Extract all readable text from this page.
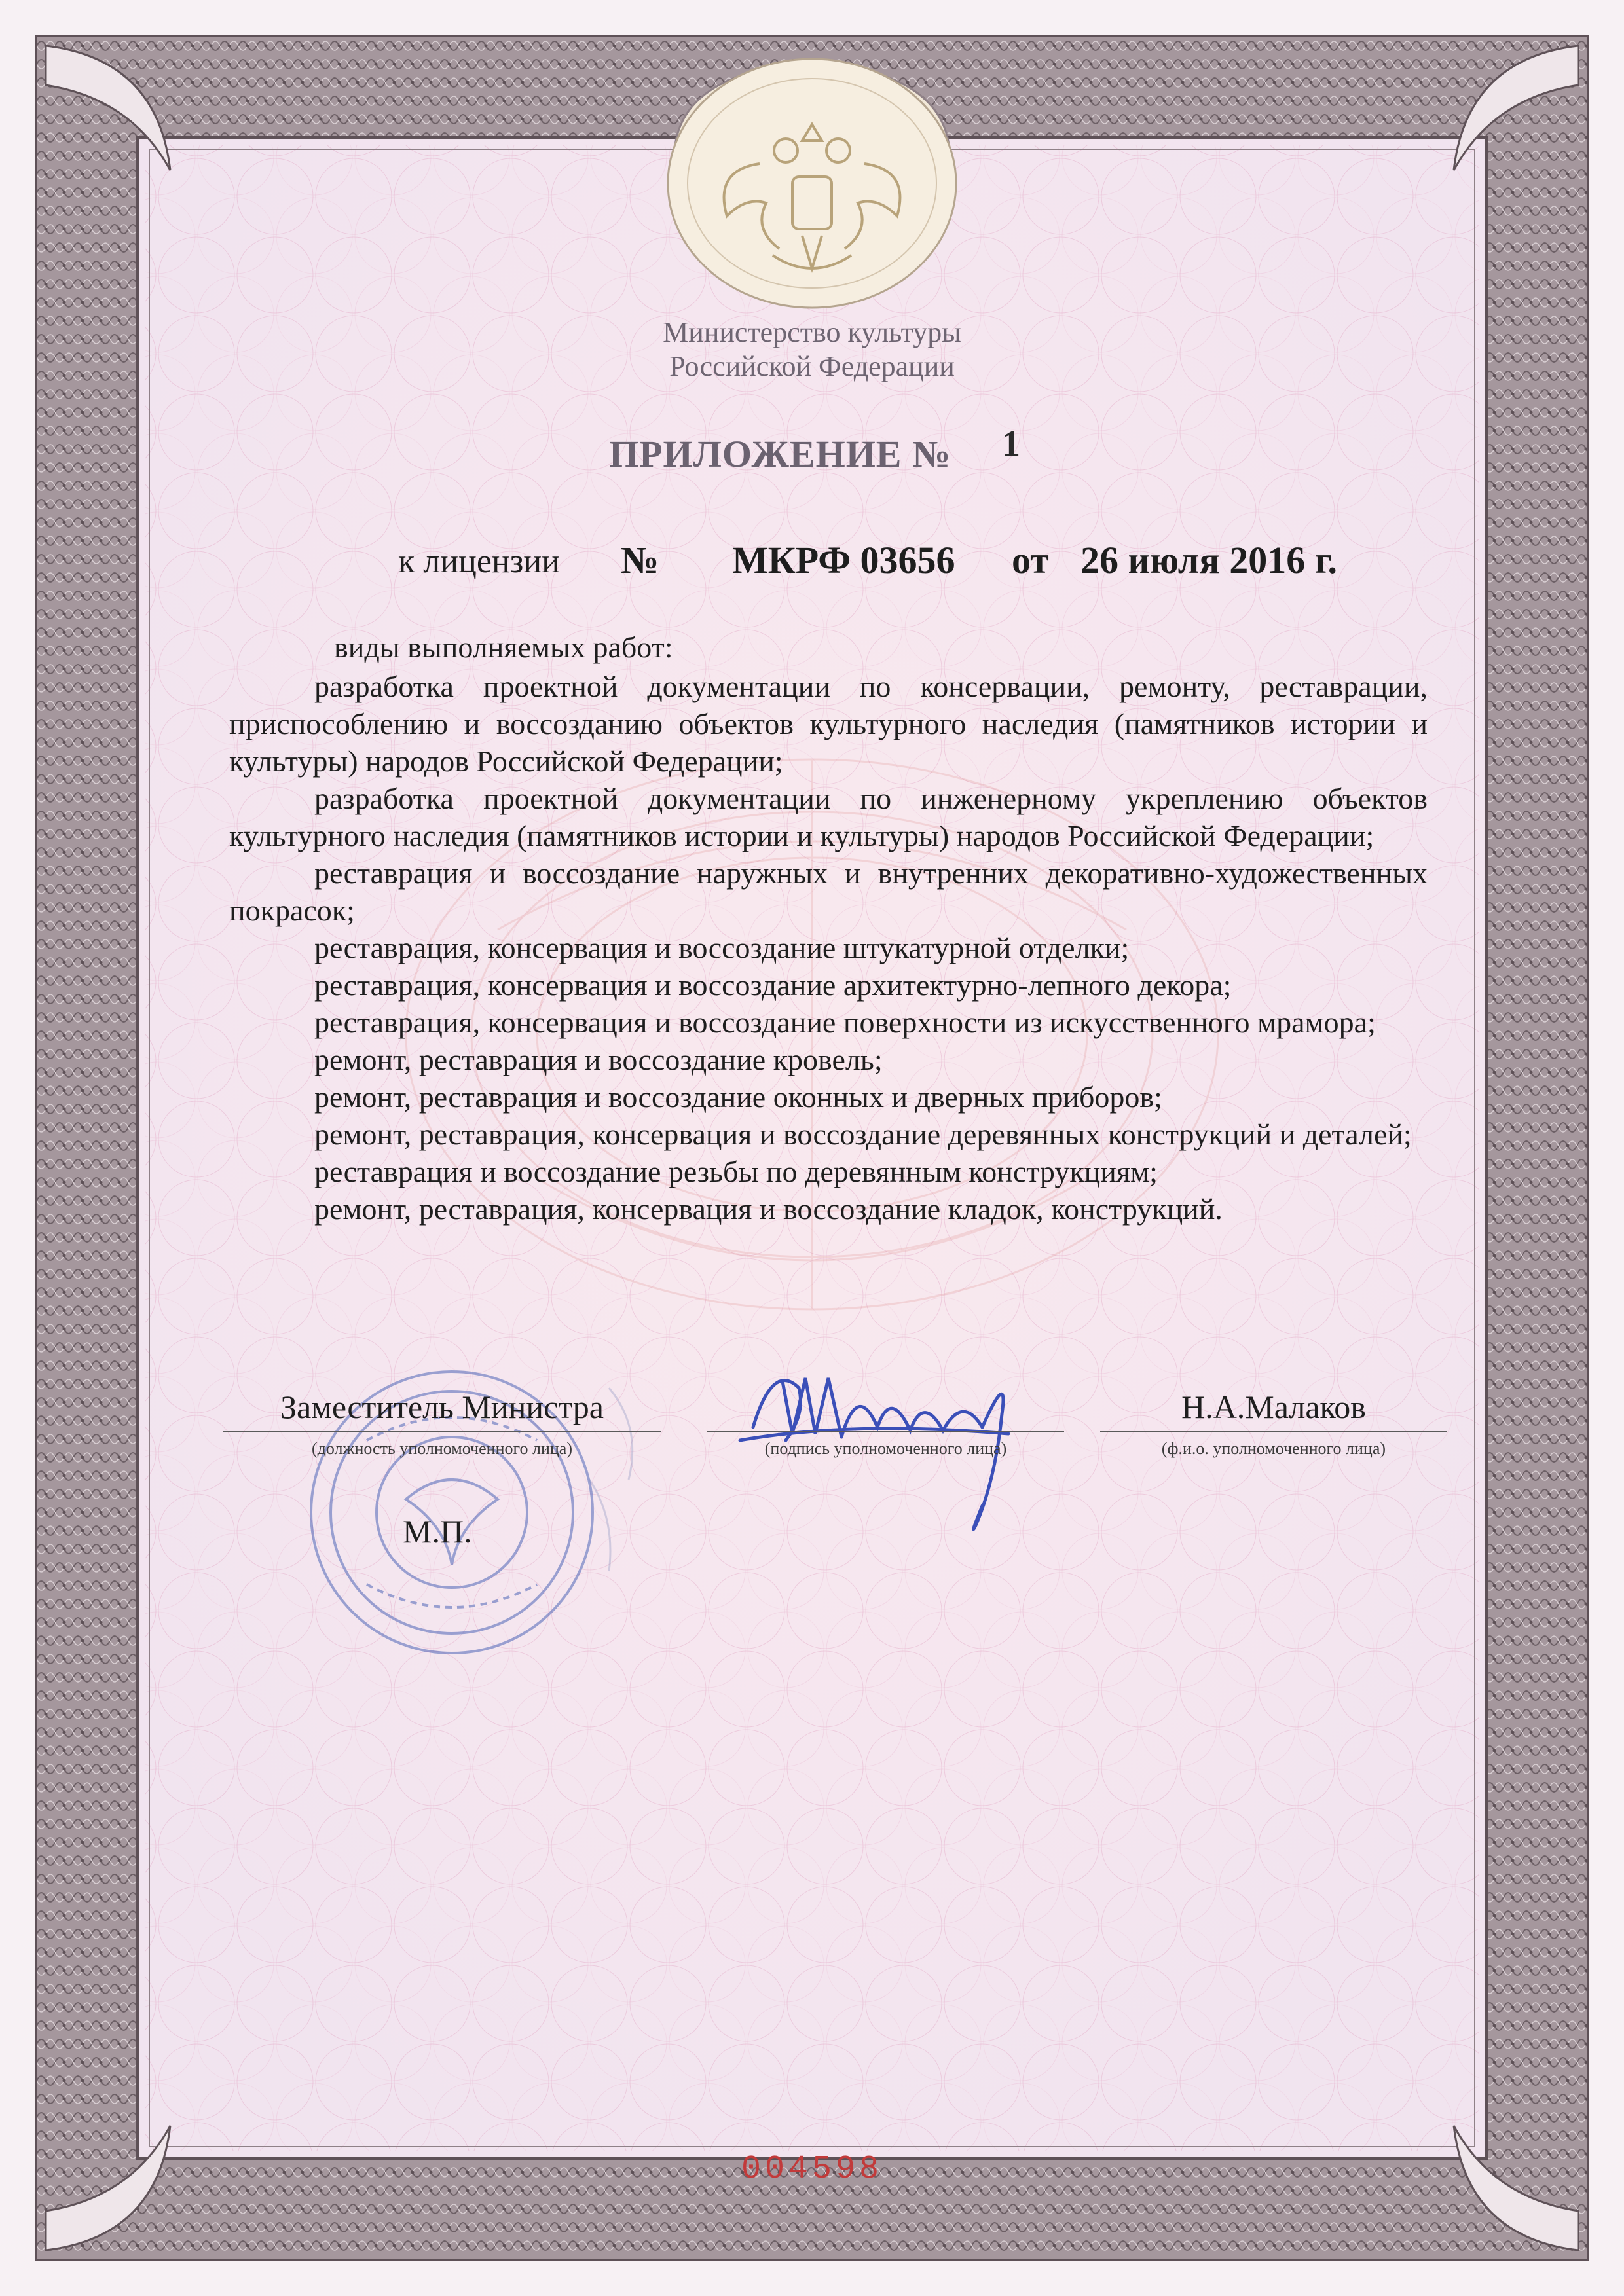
Министерство культуры
Российской Федерации
ПРИЛОЖЕНИЕ № 1
к лицензии № МКРФ 03656 от 26 июля 2016 г.
виды выполняемых работ:

разработка проектной документации по консервации, ремонту, реставрации, приспособлению и воссозданию объектов культурного наследия (памятников истории и культуры) народов Российской Федерации;

разработка проектной документации по инженерному укреплению объектов культурного наследия (памятников истории и культуры) народов Российской Федерации;

реставрация и воссоздание наружных и внутренних декоративно-художественных покрасок;

реставрация, консервация и воссоздание штукатурной отделки;

реставрация, консервация и воссоздание архитектурно-лепного декора;

реставрация, консервация и воссоздание поверхности из искусственного мрамора;

ремонт, реставрация и воссоздание кровель;

ремонт, реставрация и воссоздание оконных и дверных приборов;

ремонт, реставрация, консервация и воссоздание деревянных конструкций и деталей;

реставрация и воссоздание резьбы по деревянным конструкциям;

ремонт, реставрация, консервация и воссоздание кладок, конструкций.

Заместитель Министра
(должность уполномоченного лица)	(подпись уполномоченного лица)
Н.А.Малаков
(ф.и.о. уполномоченного лица)
М.П.
004598
